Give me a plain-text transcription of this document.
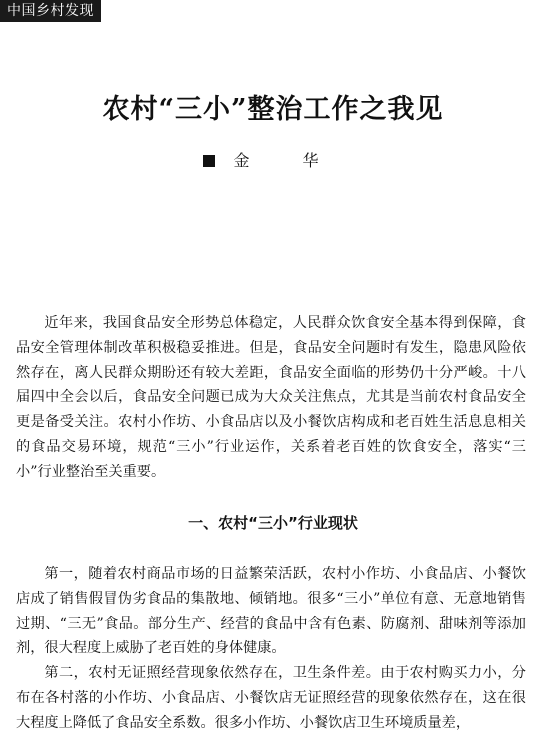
中国乡村发现
农村“三小”整治工作之我见
金 华

近年来，我国食品安全形势总体稳定，人民群众饮食安全基本得到保障，食品安全管理体制改革积极稳妥推进。但是，食品安全问题时有发生，隐患风险依然存在，离人民群众期盼还有较大差距，食品安全面临的形势仍十分严峻。十八届四中全会以后，食品安全问题已成为大众关注焦点，尤其是当前农村食品安全更是备受关注。农村小作坊、小食品店以及小餐饮店构成和老百姓生活息息相关的食品交易环境，规范“三小”行业运作，关系着老百姓的饮食安全，落实“三小”行业整治至关重要。

一、农村“三小”行业现状

第一，随着农村商品市场的日益繁荣活跃，农村小作坊、小食品店、小餐饮店成了销售假冒伪劣食品的集散地、倾销地。很多“三小”单位有意、无意地销售过期、“三无”食品。部分生产、经营的食品中含有色素、防腐剂、甜味剂等添加剂，很大程度上威胁了老百姓的身体健康。

第二，农村无证照经营现象依然存在，卫生条件差。由于农村购买力小，分布在各村落的小作坊、小食品店、小餐饮店无证照经营的现象依然存在，这在很大程度上降低了食品安全系数。很多小作坊、小餐饮店卫生环境质量差，
